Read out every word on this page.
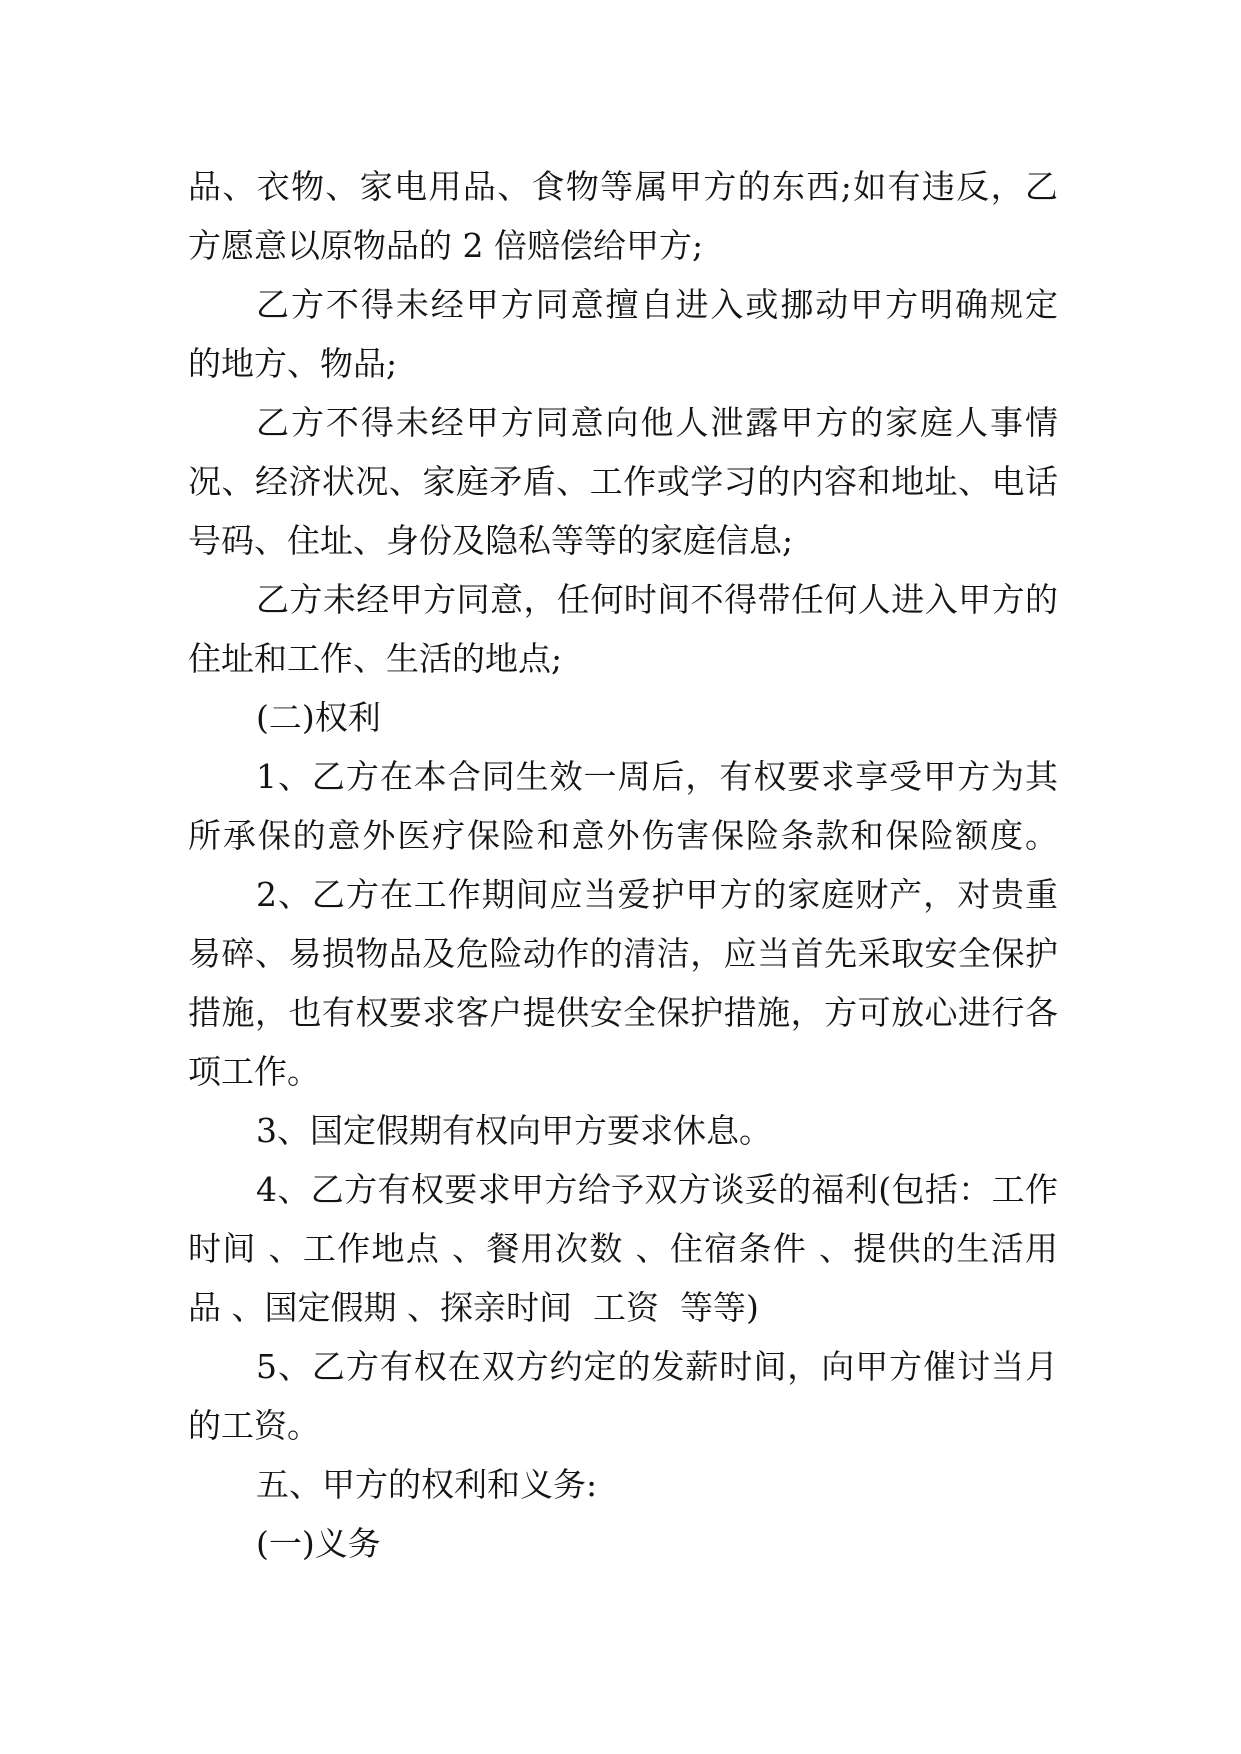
品、衣物、家电用品、食物等属甲方的东西;如有违反，乙
方愿意以原物品的 2 倍赔偿给甲方;
乙方不得未经甲方同意擅自进入或挪动甲方明确规定
的地方、物品;
乙方不得未经甲方同意向他人泄露甲方的家庭人事情
况、经济状况、家庭矛盾、工作或学习的内容和地址、电话
号码、住址、身份及隐私等等的家庭信息;
乙方未经甲方同意，任何时间不得带任何人进入甲方的
住址和工作、生活的地点;
(二)权利
1、乙方在本合同生效一周后，有权要求享受甲方为其
所承保的意外医疗保险和意外伤害保险条款和保险额度。
2、乙方在工作期间应当爱护甲方的家庭财产，对贵重
易碎、易损物品及危险动作的清洁，应当首先采取安全保护
措施，也有权要求客户提供安全保护措施，方可放心进行各
项工作。
3、国定假期有权向甲方要求休息。
4、乙方有权要求甲方给予双方谈妥的福利(包括：工作
时间 、工作地点 、餐用次数 、住宿条件 、提供的生活用
品 、国定假期 、探亲时间  工资  等等)
5、乙方有权在双方约定的发薪时间，向甲方催讨当月
的工资。
五、甲方的权利和义务:
(一)义务
